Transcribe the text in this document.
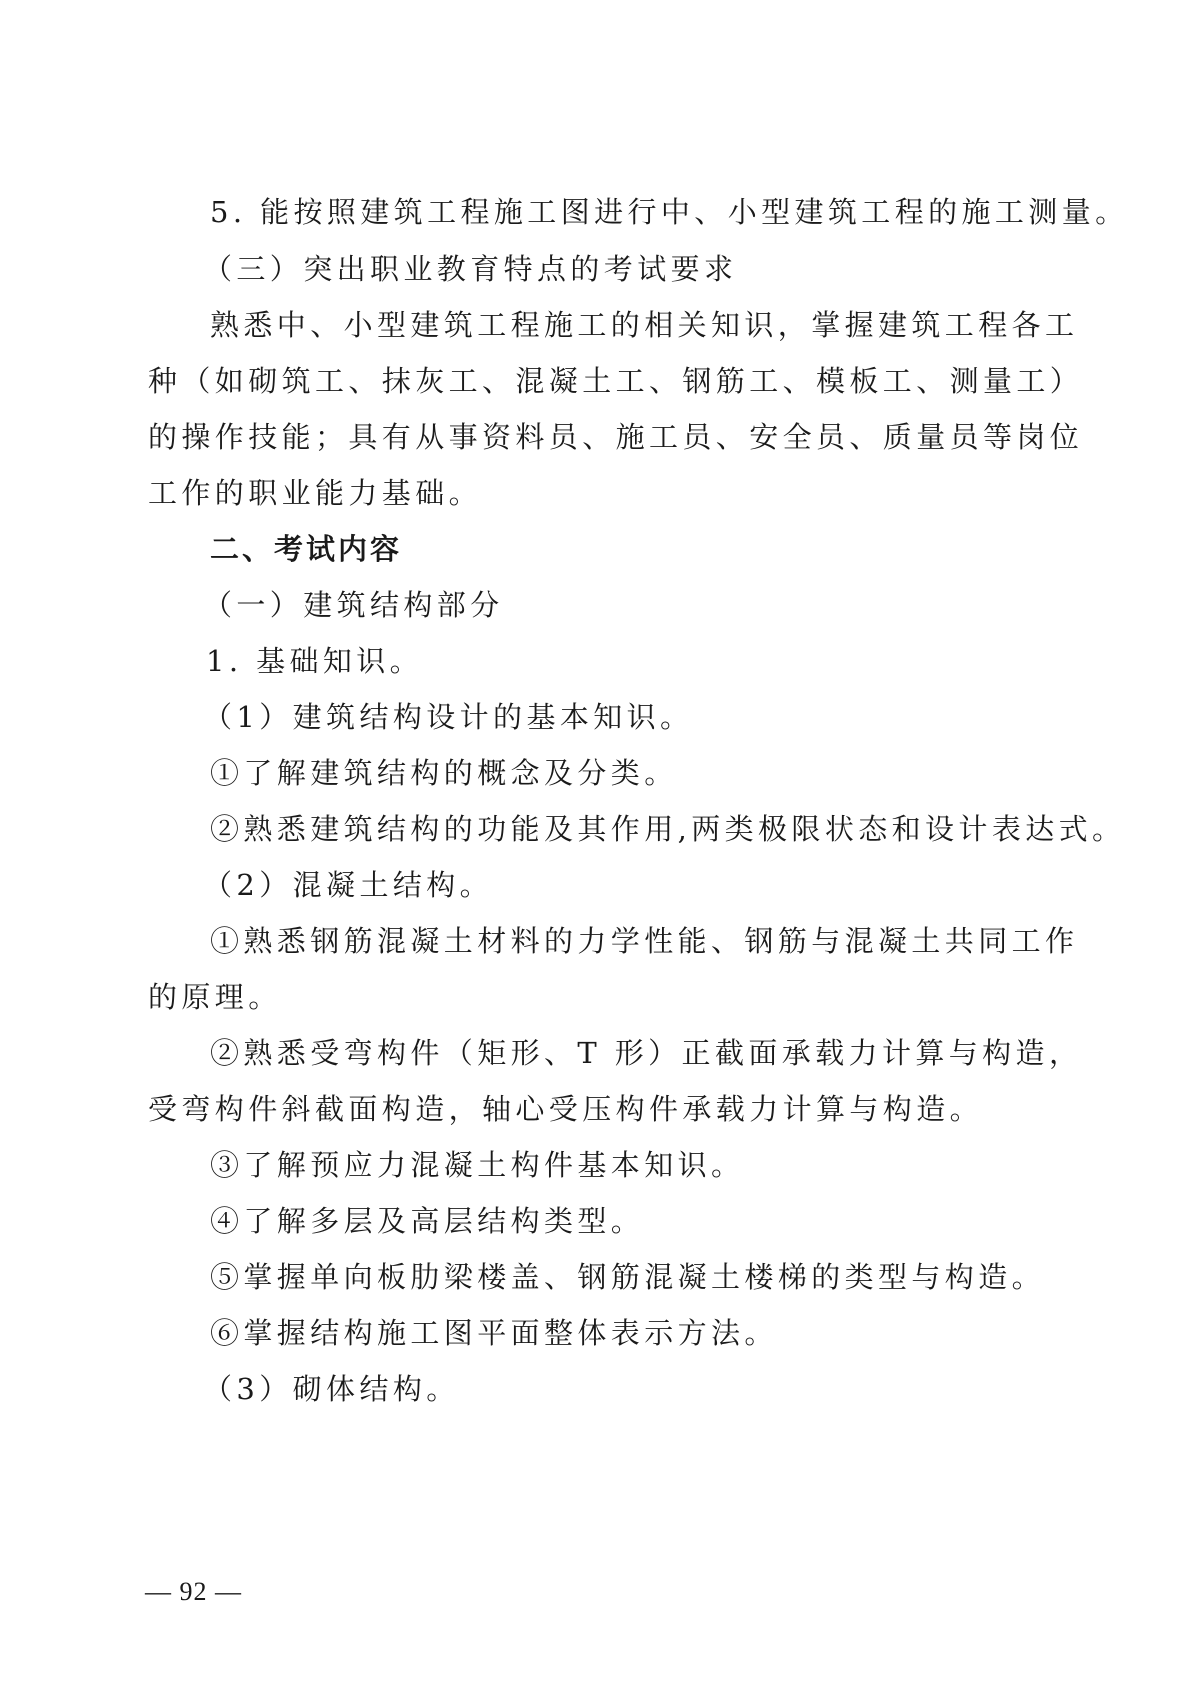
5. 能按照建筑工程施工图进行中、小型建筑工程的施工测量。
（三）突出职业教育特点的考试要求
熟悉中、小型建筑工程施工的相关知识，掌握建筑工程各工
种（如砌筑工、抹灰工、混凝土工、钢筋工、模板工、测量工）
的操作技能；具有从事资料员、施工员、安全员、质量员等岗位
工作的职业能力基础。
二、考试内容
（一）建筑结构部分
1. 基础知识。
（1）建筑结构设计的基本知识。
①了解建筑结构的概念及分类。
②熟悉建筑结构的功能及其作用,两类极限状态和设计表达式。
（2）混凝土结构。
①熟悉钢筋混凝土材料的力学性能、钢筋与混凝土共同工作
的原理。
②熟悉受弯构件（矩形、T 形）正截面承载力计算与构造，
受弯构件斜截面构造，轴心受压构件承载力计算与构造。
③了解预应力混凝土构件基本知识。
④了解多层及高层结构类型。
⑤掌握单向板肋梁楼盖、钢筋混凝土楼梯的类型与构造。
⑥掌握结构施工图平面整体表示方法。
（3）砌体结构。
— 92 —
